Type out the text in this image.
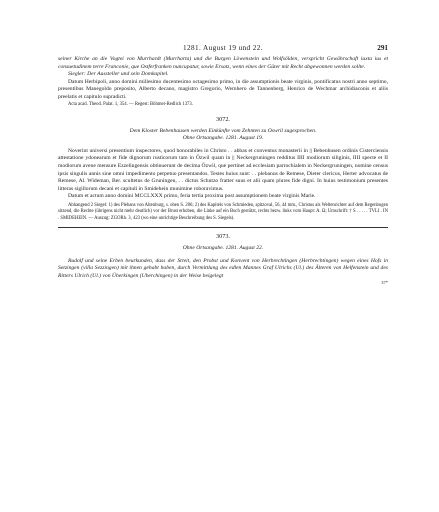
1281. August 19 und 22.	291

seiner Kirche an die Vogtei von Murrhardt (Murrharta) und die Burgen Löwenstein und Wolfsölden, verspricht Gewährschaft iuxta ius et consuetudinem terre Franconie, que Ostferfranken nuncupatur, sowie Ersatz, wenn eines der Güter mit Recht abgewonnen werden sollte.

Siegler: Der Aussteller und sein Domkapitel.

Datum Herbipoli, anno domini millesimo ducentesimo octagesimo primo, in die assumptionis beate virginis, pontificatus nostri anno septimo, presentibus Manegoldo preposito, Alberto decano, magistro Gregorio, Wernhero de Tannenberg, Henrico de Wechmar archidiaconis et aliis preelatis et capitulo supradicti.

Acta acad. Theod. Palat. 1, 354. — Regest: Böhmer-Redlich 1373.

3072.

Dem Kloster Bebenhausen werden Einkünfte vom Zehnten zu Oswril zugesprochen.

Ohne Ortsangabe. 1281. August 19.

Noverint universi presentium inspectores, quod honorabiles in Christo . . abbas et conventus monasterii in || Bebenhusen ordinis Cisterciensis attestatione ydonearum et fide dignorum rusticorum tam in Özwil quam in || Neckergruningen redditus IIII modiorum siliginis, IIII specte et II modiorum avene mensure Ezzelingensis obtinuerunt de decima Özwil, que pertinet ad ecclesiam parrochialem in Neckergruningen, nomine census ipsis singulis annis sine omni impedimento perpetuo presentandos. Testes huius sunt: . . plebanus de Remese, Dieter clericus, Herter advocatus de Remese, Al. Wideman, Ber. scultetus de Gruningen, . . dictus Schutzo fratter suus et alii quam plures fide digni. In huius testimonium presentes litteras sigillorum decani et capituli in Smidehein munimine roboravimus.

Datum et actum anno domini MCCLXXX primo, feria tertia proxima post assumptionem beate virginis Marie.

Abhangend 2 Siegel: 1) des Plebans von Altenburg, s. oben S. 206; 2) des Kapitels von Schmieden, spitzoval, 56, 44 mm., Christus als Weltenrichter auf dem Regenbogen sitzend, die Rechte (übrigens nicht mehr deutlich) vor der Brust erhoben, die Linke auf ein Buch gestützt, rechts bezw. links vom Haupt: A. Ω; Umschrift: † S . . . . . TVLI . IN . SMIDEHEIN. — Auszug: ZGORh. 3, 423 (wo eine unrichtige Beschreibung des S. Siegels).

3073.

Ohne Ortsangabe. 1281. August 22.

Rudolf und seine Erben beurkunden, dass der Streit, den Probst und Konvent von Herbrechtingen (Herbrechtingen) wegen eines Hofs in Setzingen (villa Sezzingen) mit ihnen gehabt haben, durch Vermittlung des edlen Mannes Graf Ulrichs (Ul.) des Älteren von Helfenstein und des Ritters Ulrich (Ul.) von Überkingen (Uberchingen) in der Weise beigelegt

37*
